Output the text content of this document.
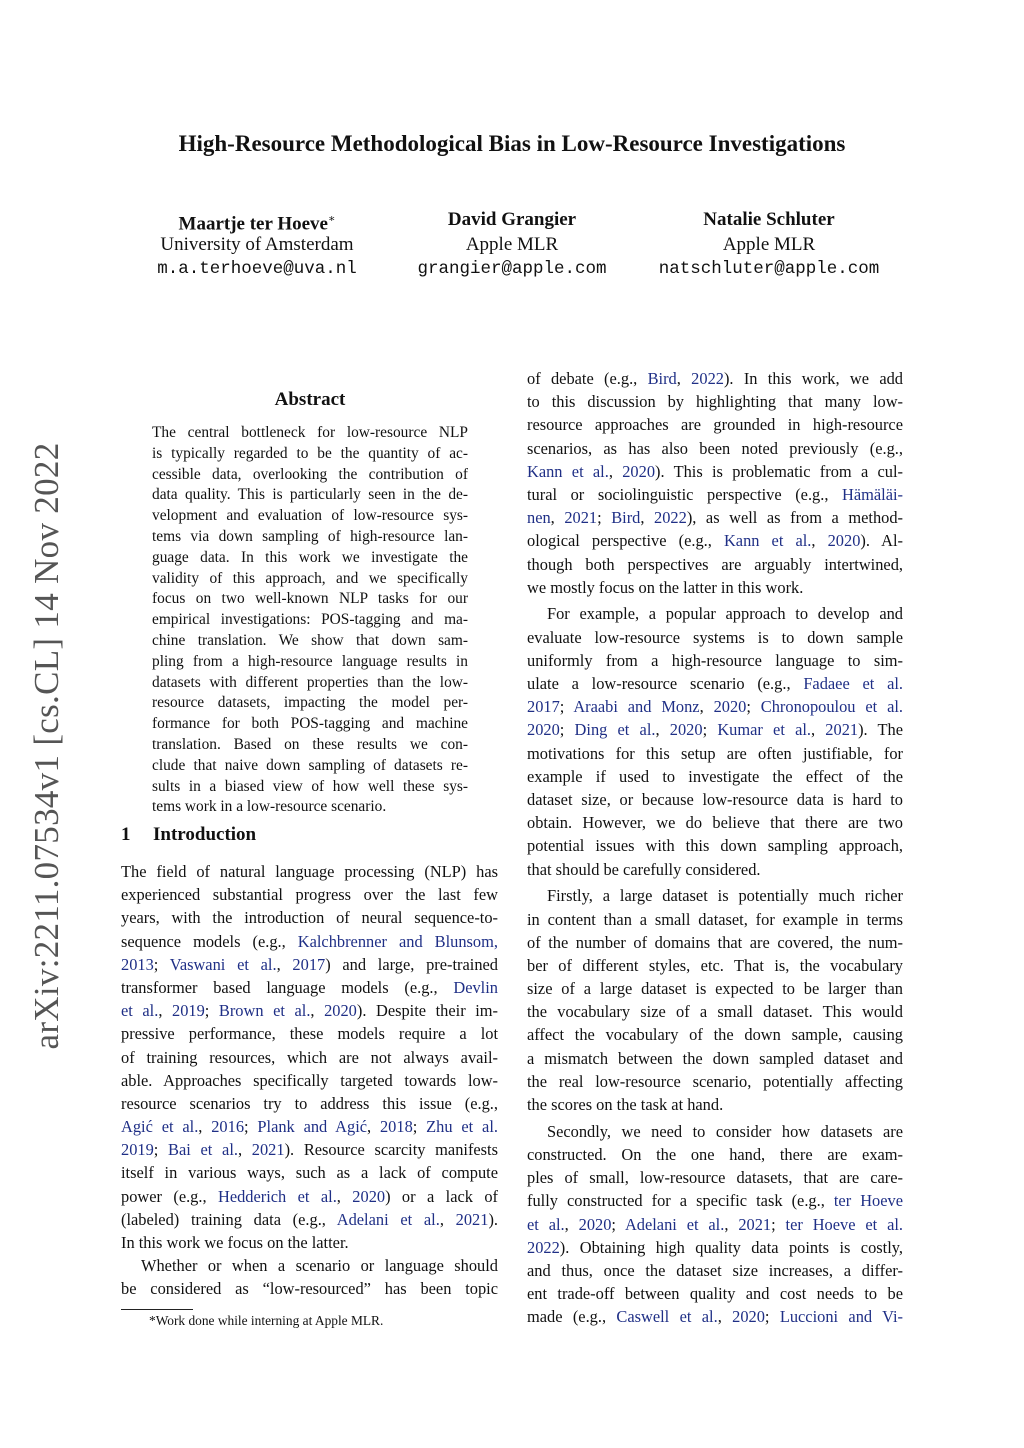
arXiv:2211.07534v1 [cs.CL] 14 Nov 2022
High-Resource Methodological Bias in Low-Resource Investigations
Maartje ter Hoeve∗
University of Amsterdam
m.a.terhoeve@uva.nl
David Grangier
Apple MLR
grangier@apple.com
Natalie Schluter
Apple MLR
natschluter@apple.com
Abstract
The central bottleneck for low-resource NLP
is typically regarded to be the quantity of ac-
cessible data, overlooking the contribution of
data quality. This is particularly seen in the de-
velopment and evaluation of low-resource sys-
tems via down sampling of high-resource lan-
guage data. In this work we investigate the
validity of this approach, and we specifically
focus on two well-known NLP tasks for our
empirical investigations: POS-tagging and ma-
chine translation. We show that down sam-
pling from a high-resource language results in
datasets with different properties than the low-
resource datasets, impacting the model per-
formance for both POS-tagging and machine
translation. Based on these results we con-
clude that naive down sampling of datasets re-
sults in a biased view of how well these sys-
tems work in a low-resource scenario.
1 Introduction
The field of natural language processing (NLP) has
experienced substantial progress over the last few
years, with the introduction of neural sequence-to-
sequence models (e.g., Kalchbrenner and Blunsom,
2013; Vaswani et al., 2017) and large, pre-trained
transformer based language models (e.g., Devlin
et al., 2019; Brown et al., 2020). Despite their im-
pressive performance, these models require a lot
of training resources, which are not always avail-
able. Approaches specifically targeted towards low-
resource scenarios try to address this issue (e.g.,
Agić et al., 2016; Plank and Agić, 2018; Zhu et al.
2019; Bai et al., 2021). Resource scarcity manifests
itself in various ways, such as a lack of compute
power (e.g., Hedderich et al., 2020) or a lack of
(labeled) training data (e.g., Adelani et al., 2021).
In this work we focus on the latter.
Whether or when a scenario or language should
be considered as “low-resourced” has been topic
*Work done while interning at Apple MLR.
of debate (e.g., Bird, 2022). In this work, we add
to this discussion by highlighting that many low-
resource approaches are grounded in high-resource
scenarios, as has also been noted previously (e.g.,
Kann et al., 2020). This is problematic from a cul-
tural or sociolinguistic perspective (e.g., Hämäläi-
nen, 2021; Bird, 2022), as well as from a method-
ological perspective (e.g., Kann et al., 2020). Al-
though both perspectives are arguably intertwined,
we mostly focus on the latter in this work.
For example, a popular approach to develop and
evaluate low-resource systems is to down sample
uniformly from a high-resource language to sim-
ulate a low-resource scenario (e.g., Fadaee et al.
2017; Araabi and Monz, 2020; Chronopoulou et al.
2020; Ding et al., 2020; Kumar et al., 2021). The
motivations for this setup are often justifiable, for
example if used to investigate the effect of the
dataset size, or because low-resource data is hard to
obtain. However, we do believe that there are two
potential issues with this down sampling approach,
that should be carefully considered.
Firstly, a large dataset is potentially much richer
in content than a small dataset, for example in terms
of the number of domains that are covered, the num-
ber of different styles, etc. That is, the vocabulary
size of a large dataset is expected to be larger than
the vocabulary size of a small dataset. This would
affect the vocabulary of the down sample, causing
a mismatch between the down sampled dataset and
the real low-resource scenario, potentially affecting
the scores on the task at hand.
Secondly, we need to consider how datasets are
constructed. On the one hand, there are exam-
ples of small, low-resource datasets, that are care-
fully constructed for a specific task (e.g., ter Hoeve
et al., 2020; Adelani et al., 2021; ter Hoeve et al.
2022). Obtaining high quality data points is costly,
and thus, once the dataset size increases, a differ-
ent trade-off between quality and cost needs to be
made (e.g., Caswell et al., 2020; Luccioni and Vi-
